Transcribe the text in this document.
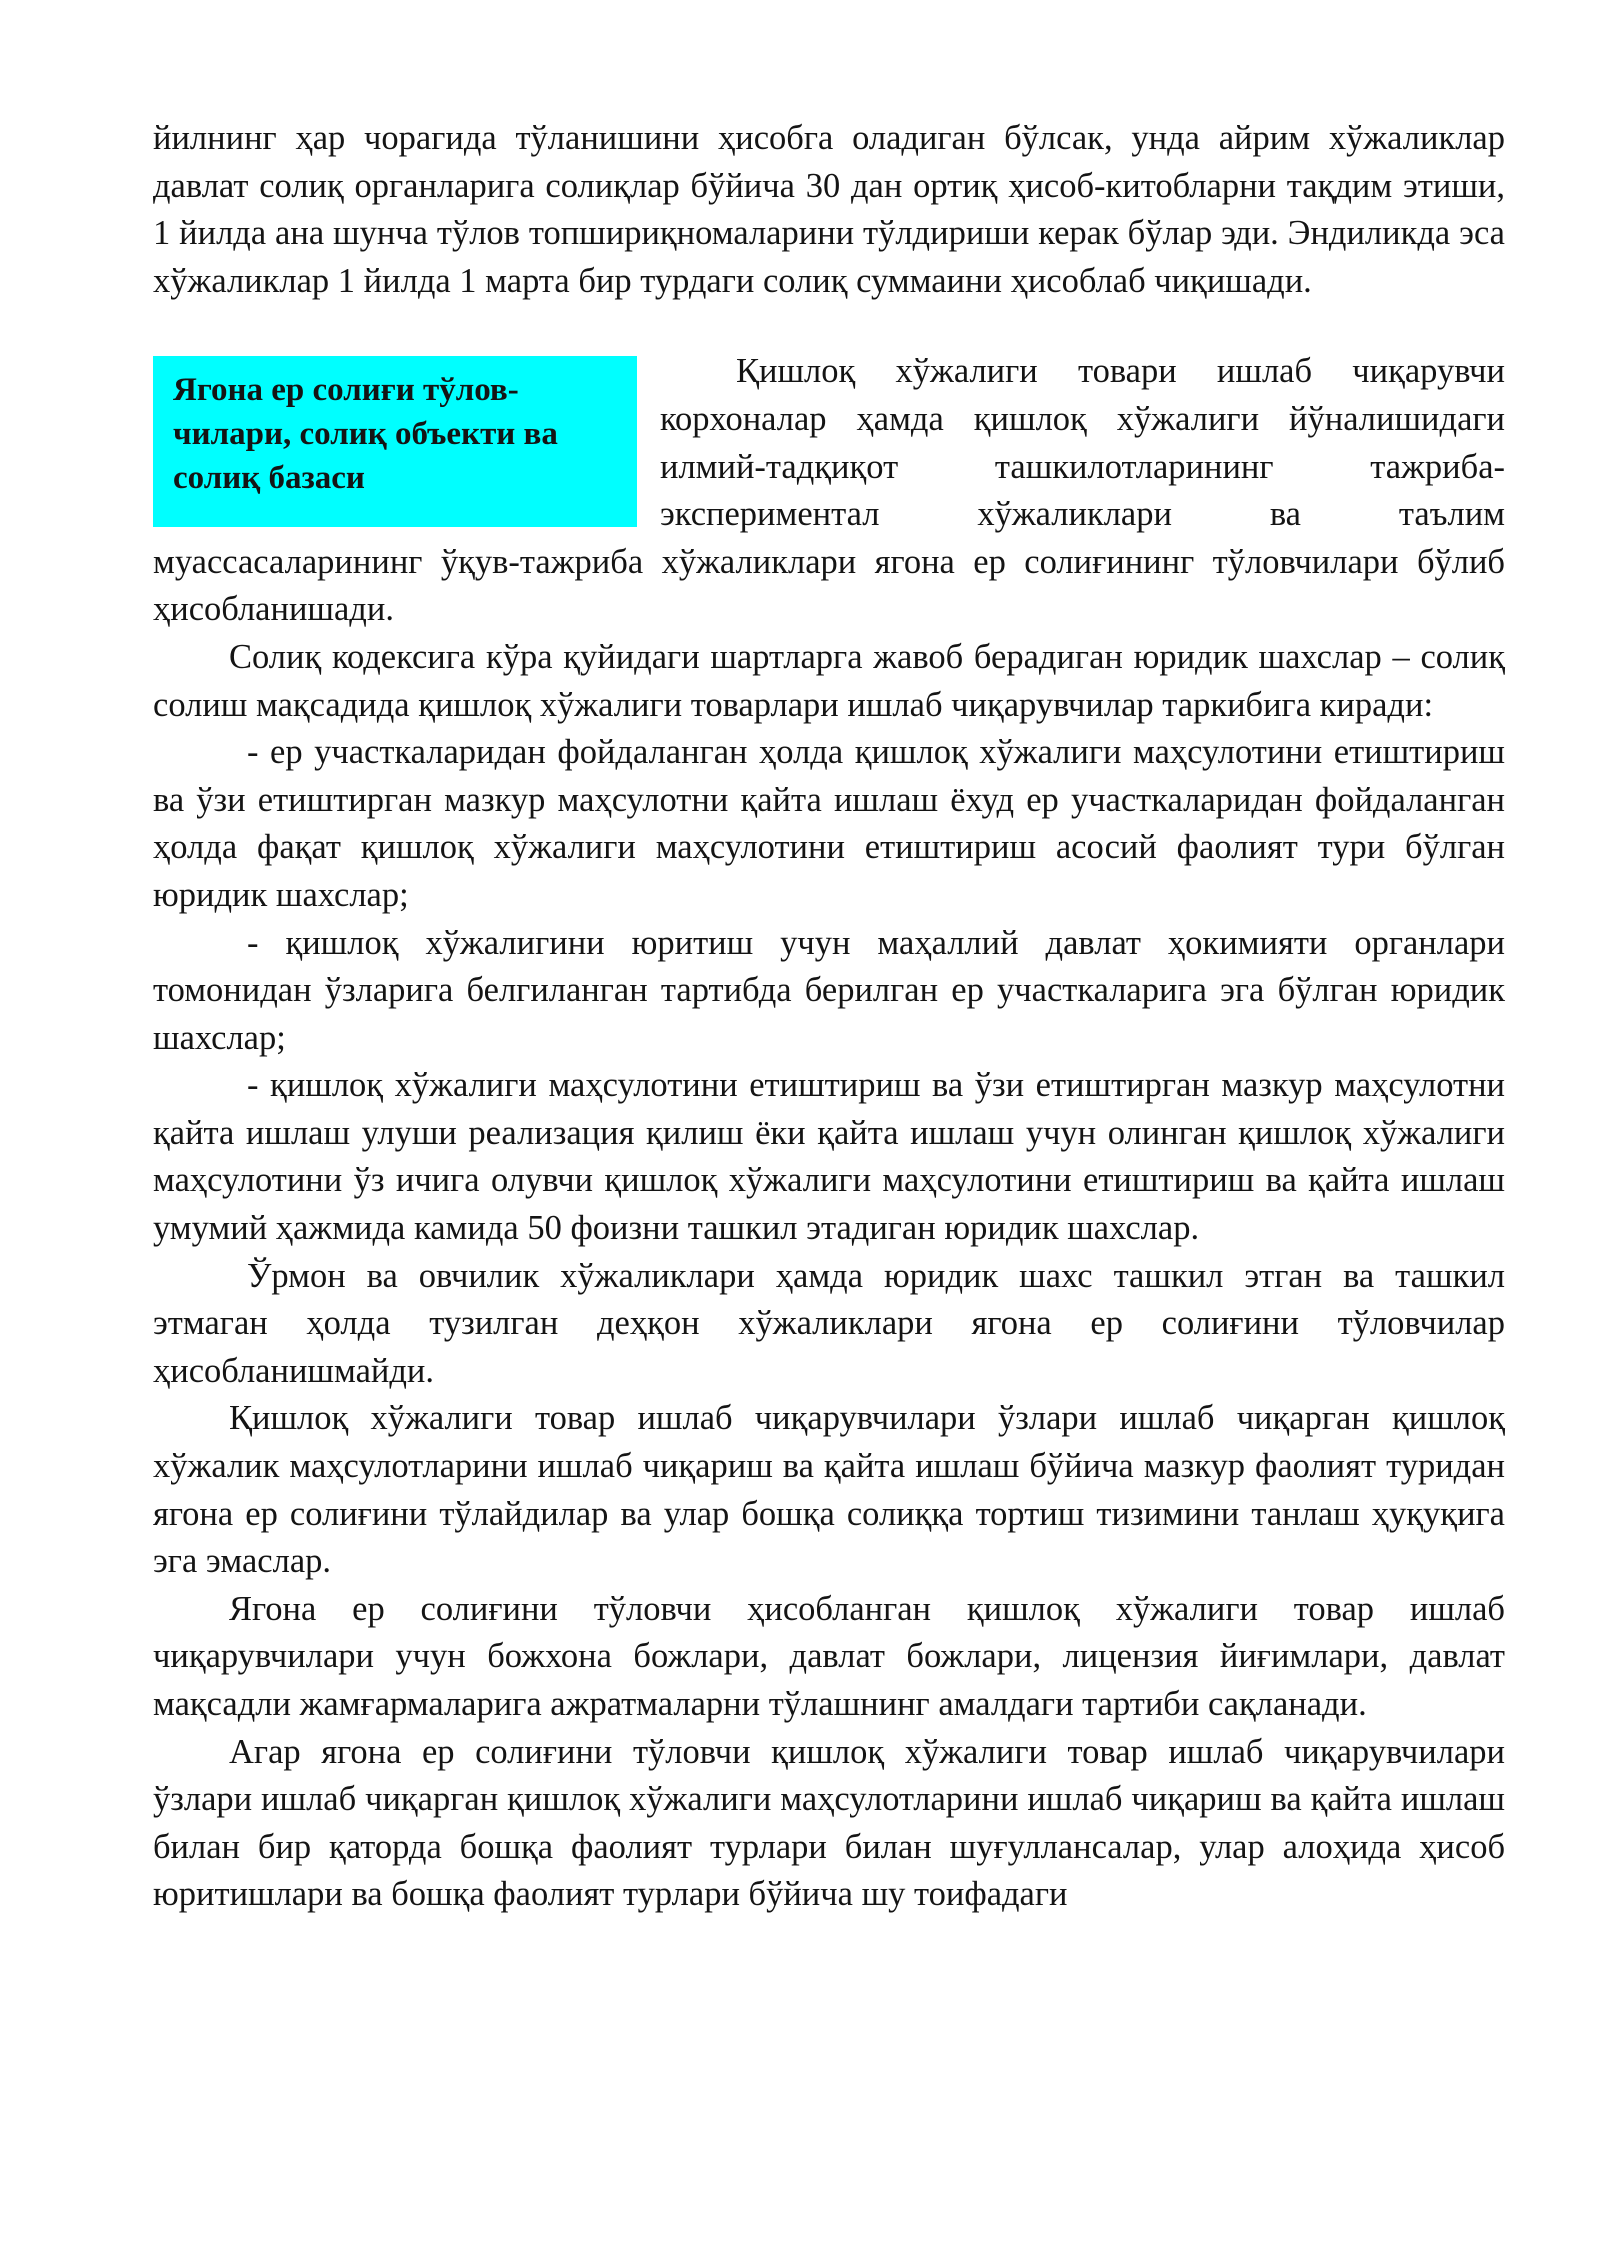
йилнинг ҳар чорагида тўланишини ҳисобга оладиган бўлсак, унда айрим хўжаликлар давлат солиқ органларига солиқлар бўйича 30 дан ортиқ ҳисоб-китобларни тақдим этиши, 1 йилда ана шунча тўлов топшириқномаларини тўлдириши керак бўлар эди. Эндиликда эса хўжаликлар 1 йилда 1 марта бир турдаги солиқ суммаини ҳисоблаб чиқишади.

Ягона ер солиғи тўлов-
чилари, солиқ объекти ва
солиқ базаси

Қишлоқ хўжалиги товари ишлаб чиқарувчи корхоналар ҳамда қишлоқ хўжалиги йўналишидаги илмий-тадқиқот ташкилотларининг тажриба-экспериментал хўжаликлари ва таълим муассасаларининг ўқув-тажриба хўжаликлари ягона ер солиғининг тўловчилари бўлиб ҳисобланишади.

Солиқ кодексига кўра қуйидаги шартларга жавоб берадиган юридик шахслар – солиқ солиш мақсадида қишлоқ хўжалиги товарлари ишлаб чиқарувчилар таркибига киради:

- ер участкаларидан фойдаланган ҳолда қишлоқ хўжалиги маҳсулотини етиштириш ва ўзи етиштирган мазкур маҳсулотни қайта ишлаш ёхуд ер участкаларидан фойдаланган ҳолда фақат қишлоқ хўжалиги маҳсулотини етиштириш асосий фаолият тури бўлган юридик шахслар;

- қишлоқ хўжалигини юритиш учун маҳаллий давлат ҳокимияти органлари томонидан ўзларига белгиланган тартибда берилган ер участкаларига эга бўлган юридик шахслар;

- қишлоқ хўжалиги маҳсулотини етиштириш ва ўзи етиштирган мазкур маҳсулотни қайта ишлаш улуши реализация қилиш ёки қайта ишлаш учун олинган қишлоқ хўжалиги маҳсулотини ўз ичига олувчи қишлоқ хўжалиги маҳсулотини етиштириш ва қайта ишлаш умумий ҳажмида камида 50 фоизни ташкил этадиган юридик шахслар.

Ўрмон ва овчилик хўжаликлари ҳамда юридик шахс ташкил этган ва ташкил этмаган ҳолда тузилган деҳқон хўжаликлари ягона ер солиғини тўловчилар ҳисобланишмайди.

Қишлоқ хўжалиги товар ишлаб чиқарувчилари ўзлари ишлаб чиқарган қишлоқ хўжалик маҳсулотларини ишлаб чиқариш ва қайта ишлаш бўйича мазкур фаолият туридан ягона ер солиғини тўлайдилар ва улар бошқа солиққа тортиш тизимини танлаш ҳуқуқига эга эмаслар.

Ягона ер солиғини тўловчи ҳисобланган қишлоқ хўжалиги товар ишлаб чиқарувчилари учун божхона божлари, давлат божлари, лицензия йиғимлари, давлат мақсадли жамғармаларига ажратмаларни тўлашнинг амалдаги тартиби сақланади.

Агар ягона ер солиғини тўловчи қишлоқ хўжалиги товар ишлаб чиқарувчилари ўзлари ишлаб чиқарган қишлоқ хўжалиги маҳсулотларини ишлаб чиқариш ва қайта ишлаш билан бир қаторда бошқа фаолият турлари билан шуғуллансалар, улар алоҳида ҳисоб юритишлари ва бошқа фаолият турлари бўйича шу тоифадаги
